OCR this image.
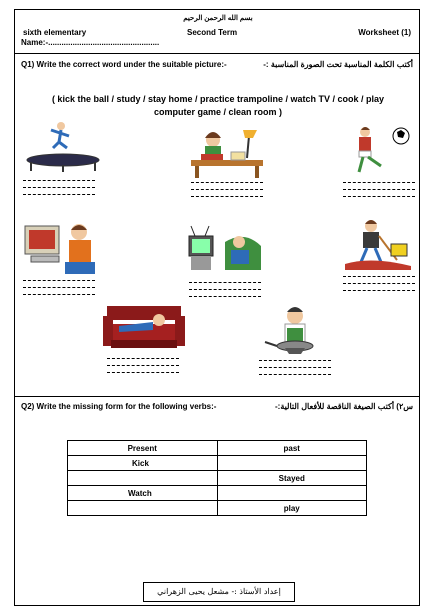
بسم الله الرحمن الرحيم
sixth elementary	Second Term	Worksheet (1)
Name:-..................................................
Q1) Write the correct word under the suitable picture:-	أكتب الكلمة المناسبة تحت الصورة المناسبة :-
( kick the ball / study / stay home / practice trampoline / watch TV / cook / play
computer game / clean room )
Q2) Write the missing form for the following verbs:-	س٢) أكتب الصيغة الناقصة للأفعال التالية:-
Present	past
Kick	
	Stayed
Watch	
	play
إعداد الأستاذ :- مشعل يحيى الزهراني
